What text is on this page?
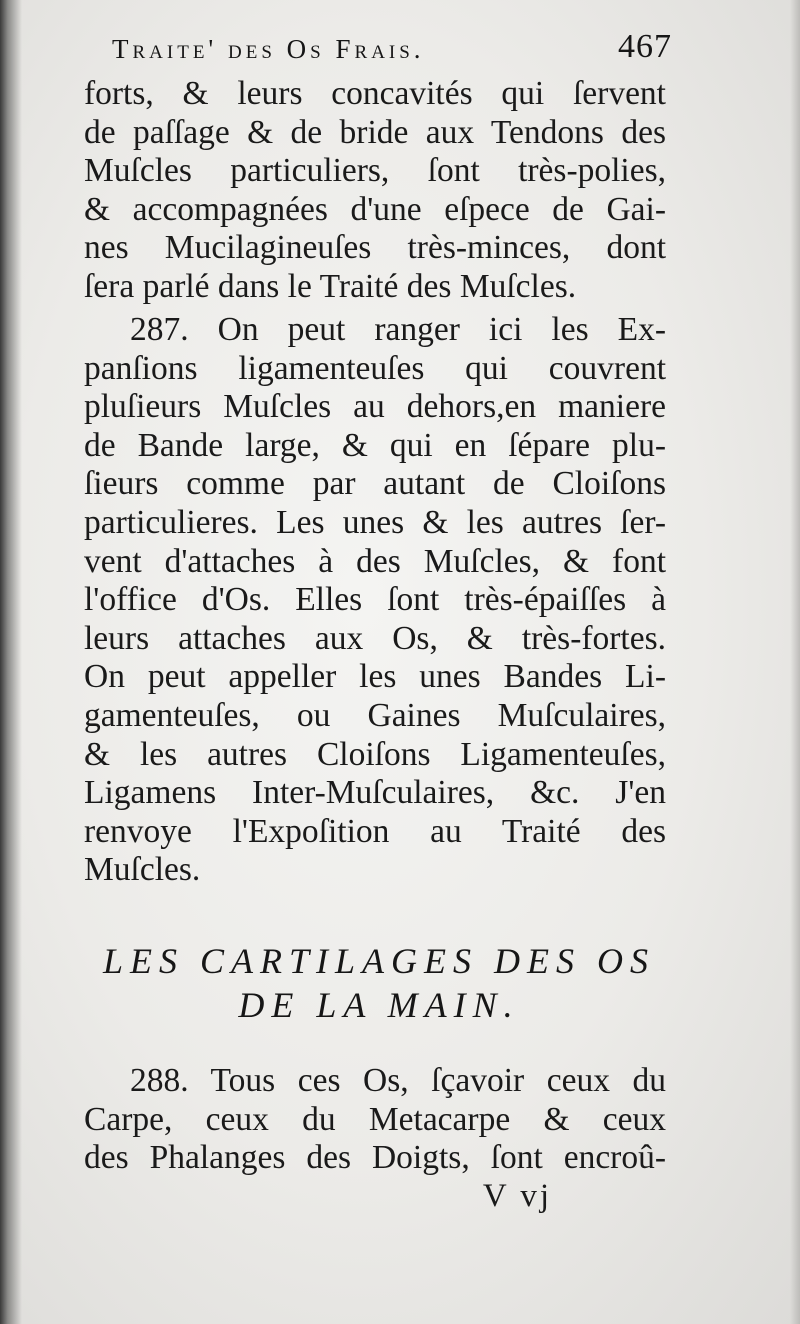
Traite' des Os Frais.	467
forts, & leurs concavités qui ſervent
de paſſage & de bride aux Tendons des
Muſcles particuliers, ſont très-polies,
& accompagnées d'une eſpece de Gai-
nes Mucilagineuſes très-minces, dont
ſera parlé dans le Traité des Muſcles.
287. On peut ranger ici les Ex-
panſions ligamenteuſes qui couvrent
pluſieurs Muſcles au dehors,en maniere
de Bande large, & qui en ſépare plu-
ſieurs comme par autant de Cloiſons
particulieres. Les unes & les autres ſer-
vent d'attaches à des Muſcles, & font
l'office d'Os. Elles ſont très-épaiſſes à
leurs attaches aux Os, & très-fortes.
On peut appeller les unes Bandes Li-
gamenteuſes, ou Gaines Muſculaires,
& les autres Cloiſons Ligamenteuſes,
Ligamens Inter-Muſculaires, &c. J'en
renvoye l'Expoſition au Traité des
Muſcles.
LES CARTILAGES DES OS
DE LA MAIN.
288. Tous ces Os, ſçavoir ceux du
Carpe, ceux du Metacarpe & ceux
des Phalanges des Doigts, ſont encroû-
V vj
